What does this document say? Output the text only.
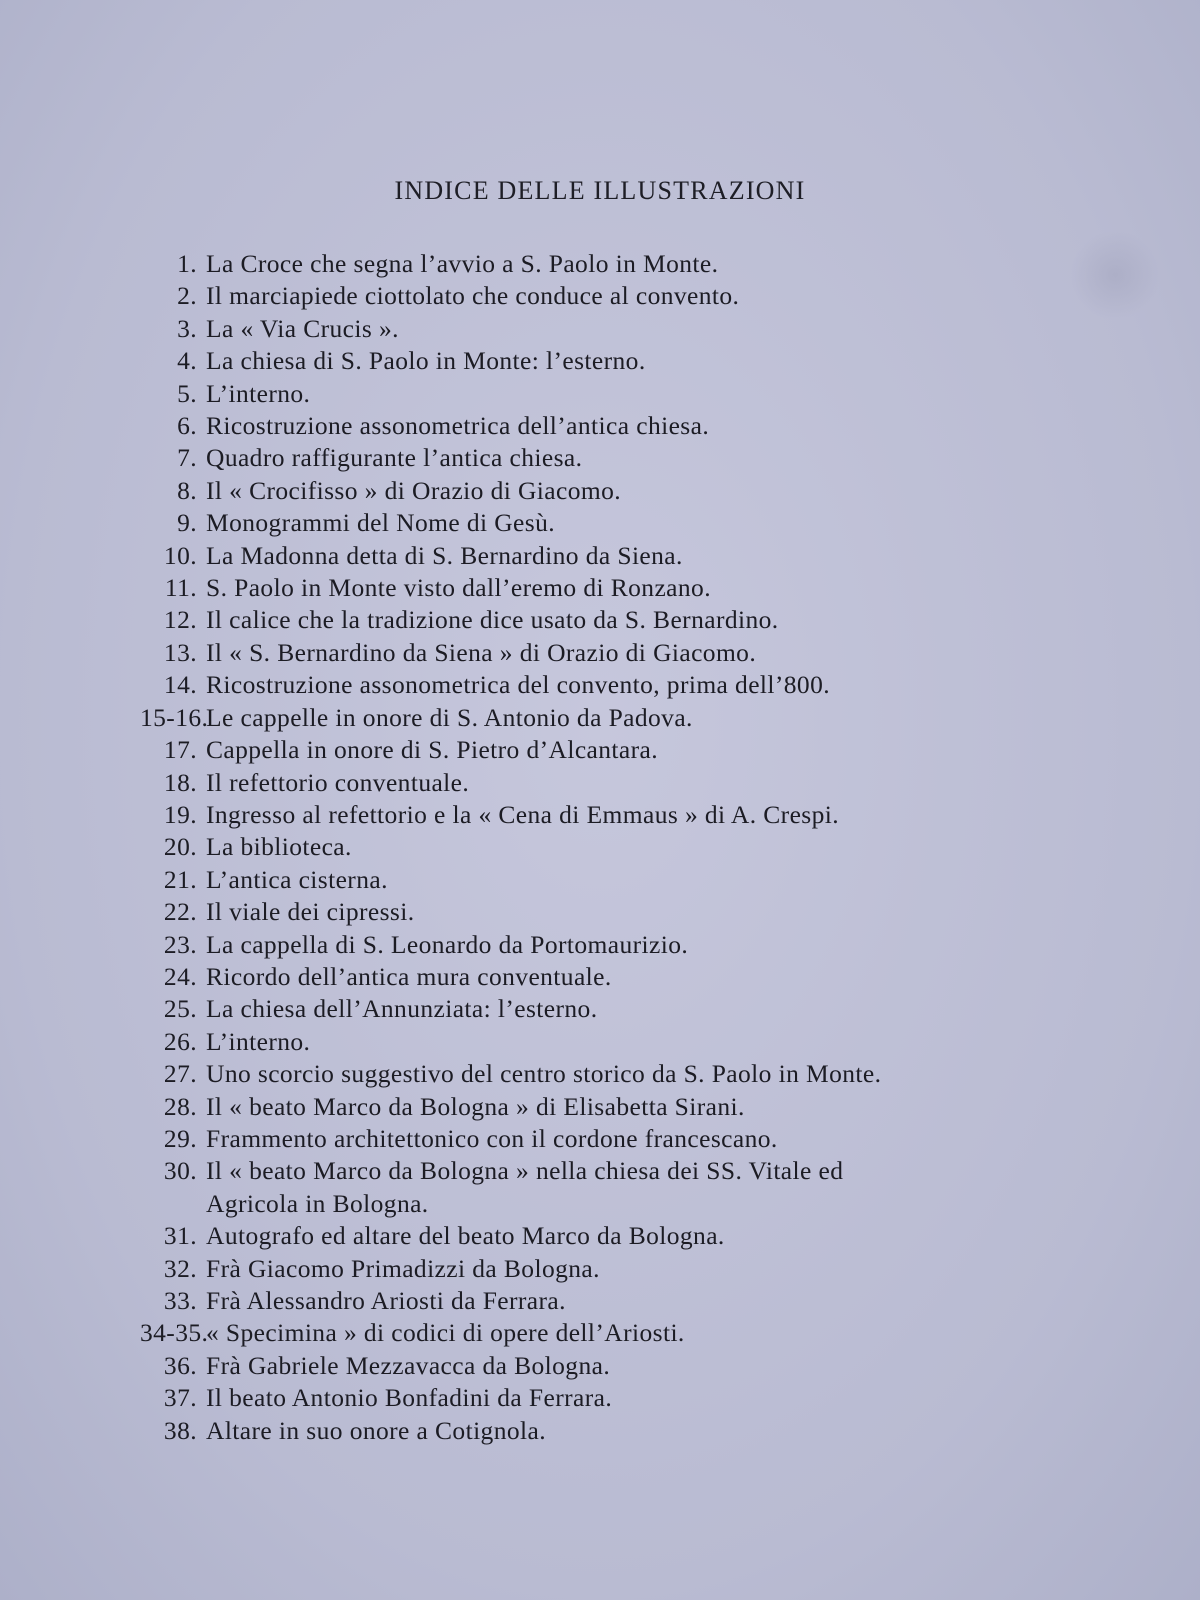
INDICE DELLE ILLUSTRAZIONI
1. La Croce che segna l’avvio a S. Paolo in Monte.
2. Il marciapiede ciottolato che conduce al convento.
3. La « Via Crucis ».
4. La chiesa di S. Paolo in Monte: l’esterno.
5. L’interno.
6. Ricostruzione assonometrica dell’antica chiesa.
7. Quadro raffigurante l’antica chiesa.
8. Il « Crocifisso » di Orazio di Giacomo.
9. Monogrammi del Nome di Gesù.
10. La Madonna detta di S. Bernardino da Siena.
11. S. Paolo in Monte visto dall’eremo di Ronzano.
12. Il calice che la tradizione dice usato da S. Bernardino.
13. Il « S. Bernardino da Siena » di Orazio di Giacomo.
14. Ricostruzione assonometrica del convento, prima dell’800.
15-16.
Le cappelle in onore di S. Antonio da Padova.
17. Cappella in onore di S. Pietro d’Alcantara.
18. Il refettorio conventuale.
19. Ingresso al refettorio e la « Cena di Emmaus » di A. Crespi.
20. La biblioteca.
21. L’antica cisterna.
22. Il viale dei cipressi.
23. La cappella di S. Leonardo da Portomaurizio.
24. Ricordo dell’antica mura conventuale.
25. La chiesa dell’Annunziata: l’esterno.
26. L’interno.
27. Uno scorcio suggestivo del centro storico da S. Paolo in Monte.
28. Il « beato Marco da Bologna » di Elisabetta Sirani.
29. Frammento architettonico con il cordone francescano.
30. Il « beato Marco da Bologna » nella chiesa dei SS. Vitale ed
Agricola in Bologna.
31. Autografo ed altare del beato Marco da Bologna.
32. Frà Giacomo Primadizzi da Bologna.
33. Frà Alessandro Ariosti da Ferrara.
34-35.
« Specimina » di codici di opere dell’Ariosti.
36. Frà Gabriele Mezzavacca da Bologna.
37. Il beato Antonio Bonfadini da Ferrara.
38. Altare in suo onore a Cotignola.
